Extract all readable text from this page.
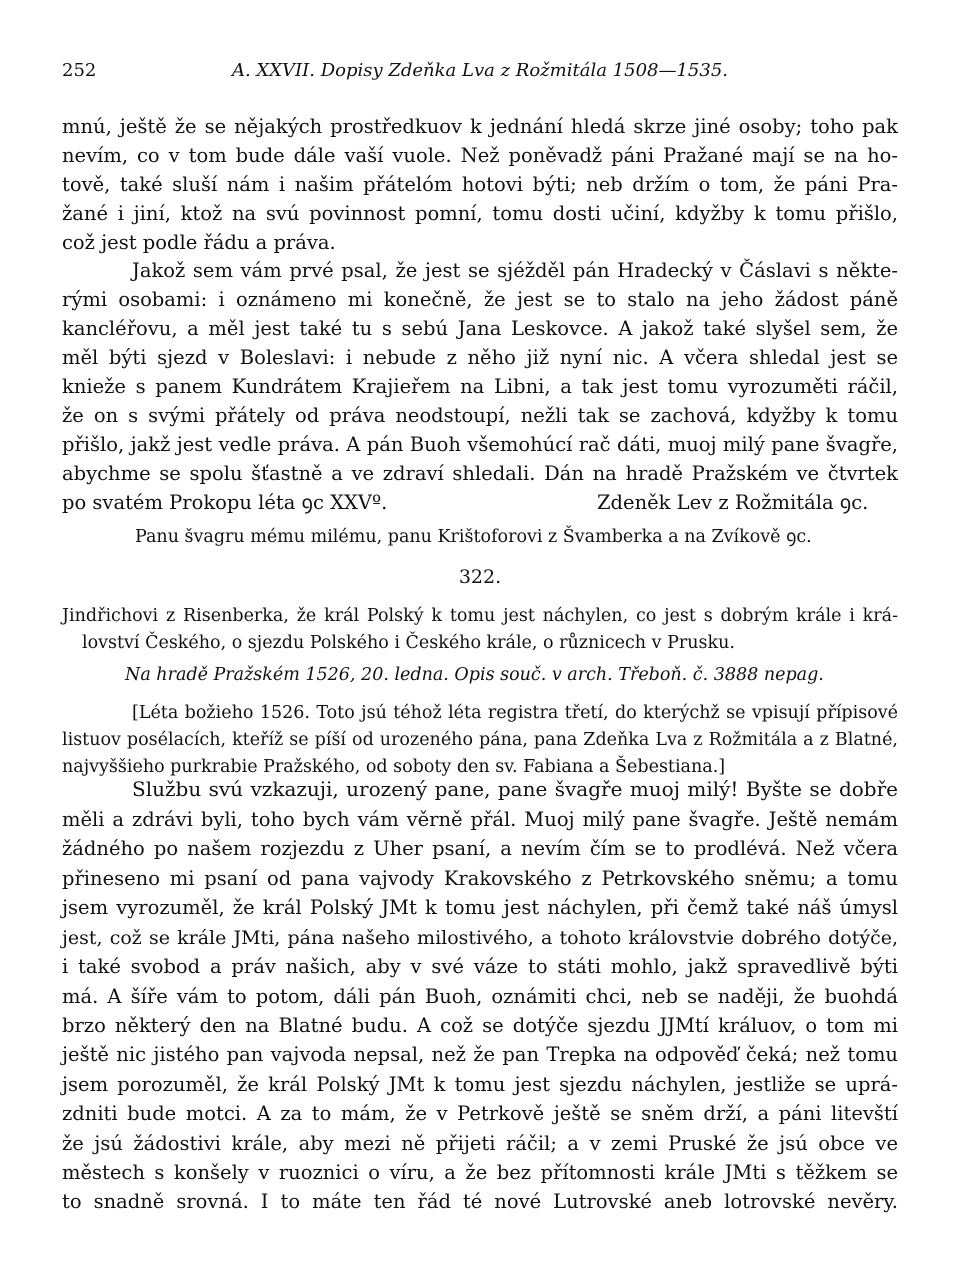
252	A. XXVII. Dopisy Zdeňka Lva z Rožmitála 1508—1535.
mnú, ještě že se nějakých prostředkuov k jednání hledá skrze jiné osoby; toho pak
nevím, co v tom bude dále vaší vuole. Než poněvadž páni Pražané mají se na ho-
tově, také sluší nám i našim přátelóm hotovi býti; neb držím o tom, že páni Pra-
žané i jiní, ktož na svú povinnost pomní, tomu dosti učiní, kdyžby k tomu přišlo,
což jest podle řádu a práva.
Jakož sem vám prvé psal, že jest se sjéžděl pán Hradecký v Čáslavi s někte-
rými osobami: i oznámeno mi konečně, že jest se to stalo na jeho žádost páně
kancléřovu, a měl jest také tu s sebú Jana Leskovce. A jakož také slyšel sem, že
měl býti sjezd v Boleslavi: i nebude z něho již nyní nic. A včera shledal jest se
knieže s panem Kundrátem Krajieřem na Libni, a tak jest tomu vyrozuměti ráčil,
že on s svými přátely od práva neodstoupí, nežli tak se zachová, kdyžby k tomu
přišlo, jakž jest vedle práva. A pán Buoh všemohúcí rač dáti, muoj milý pane švagře,
abychme se spolu šťastně a ve zdraví shledali. Dán na hradě Pražském ve čtvrtek
po svatém Prokopu léta ꝯc XXVº.	Zdeněk Lev z Rožmitála ꝯc.
Panu švagru mému milému, panu Krištoforovi z Švamberka a na Zvíkově ꝯc.
322.
Jindřichovi z Risenberka, že král Polský k tomu jest náchylen, co jest s dobrým krále i krá-
lovství Českého, o sjezdu Polského i Českého krále, o různicech v Prusku.
Na hradě Pražském 1526, 20. ledna. Opis souč. v arch. Třeboň. č. 3888 nepag.
[Léta božieho 1526. Toto jsú téhož léta registra třetí, do kterýchž se vpisují přípisové
listuov posélacích, kteříž se píší od urozeného pána, pana Zdeňka Lva z Rožmitála a z Blatné,
najvyššieho purkrabie Pražského, od soboty den sv. Fabiana a Šebestiana.]
Službu svú vzkazuji, urozený pane, pane švagře muoj milý! Byšte se dobře
měli a zdrávi byli, toho bych vám věrně přál. Muoj milý pane švagře. Ještě nemám
žádného po našem rozjezdu z Uher psaní, a nevím čím se to prodlévá. Než včera
přineseno mi psaní od pana vajvody Krakovského z Petrkovského sněmu; a tomu
jsem vyrozuměl, že král Polský JMt k tomu jest náchylen, při čemž také náš úmysl
jest, což se krále JMti, pána našeho milostivého, a tohoto královstvie dobrého dotýče,
i také svobod a práv našich, aby v své váze to státi mohlo, jakž spravedlivě býti
má. A šíře vám to potom, dáli pán Buoh, oznámiti chci, neb se naději, že buohdá
brzo některý den na Blatné budu. A což se dotýče sjezdu JJMtí králuov, o tom mi
ještě nic jistého pan vajvoda nepsal, než že pan Trepka na odpověď čeká; než tomu
jsem porozuměl, že král Polský JMt k tomu jest sjezdu náchylen, jestliže se uprá-
zdniti bude motci. A za to mám, že v Petrkově ještě se sněm drží, a páni litevští
že jsú žádostivi krále, aby mezi ně přijeti ráčil; a v zemi Pruské že jsú obce ve
městech s konšely v ruoznici o víru, a že bez přítomnosti krále JMti s těžkem se
to snadně srovná. I to máte ten řád té nové Lutrovské aneb lotrovské nevěry.
